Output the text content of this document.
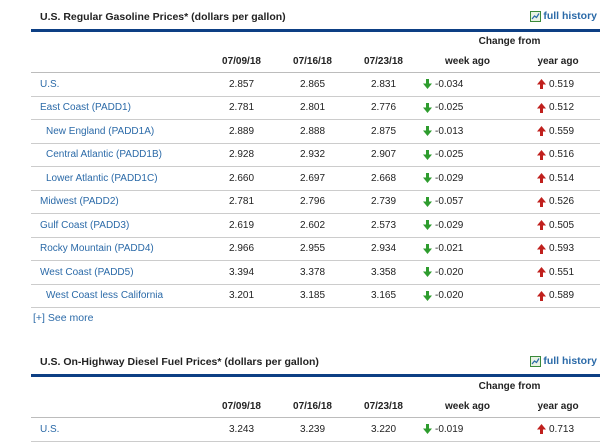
U.S. Regular Gasoline Prices* (dollars per gallon)	full history
				Change from	
	07/09/18	07/16/18	07/23/18	week ago	year ago
U.S.	2.857	2.865	2.831	-0.034	0.519
East Coast (PADD1)	2.781	2.801	2.776	-0.025	0.512
New England (PADD1A)	2.889	2.888	2.875	-0.013	0.559
Central Atlantic (PADD1B)	2.928	2.932	2.907	-0.025	0.516
Lower Atlantic (PADD1C)	2.660	2.697	2.668	-0.029	0.514
Midwest (PADD2)	2.781	2.796	2.739	-0.057	0.526
Gulf Coast (PADD3)	2.619	2.602	2.573	-0.029	0.505
Rocky Mountain (PADD4)	2.966	2.955	2.934	-0.021	0.593
West Coast (PADD5)	3.394	3.378	3.358	-0.020	0.551
West Coast less California	3.201	3.185	3.165	-0.020	0.589
[+] See more
U.S. On-Highway Diesel Fuel Prices* (dollars per gallon)	full history
				Change from	
	07/09/18	07/16/18	07/23/18	week ago	year ago
U.S.	3.243	3.239	3.220	-0.019	0.713
